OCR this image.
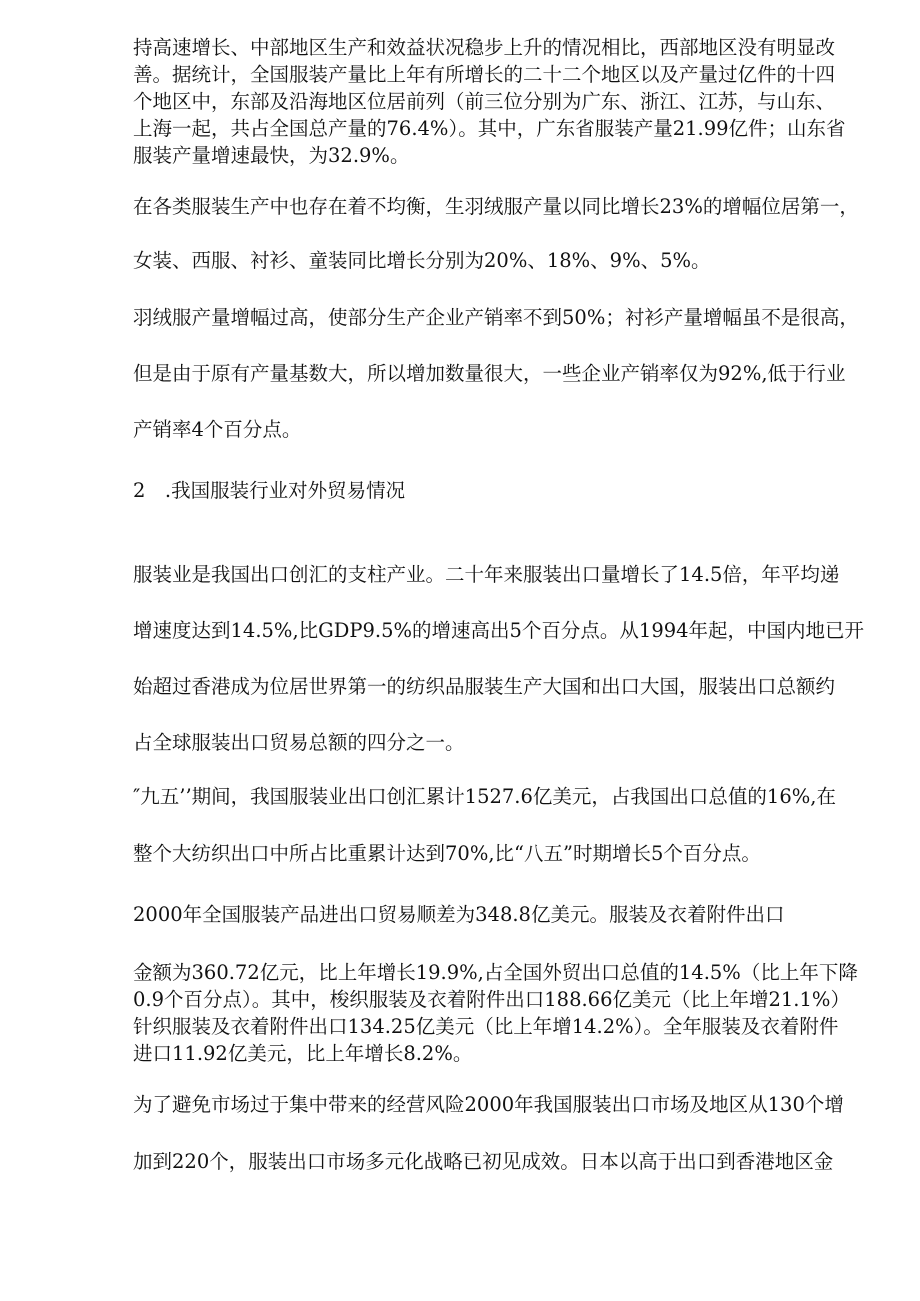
持高速增长、中部地区生产和效益状况稳步上升的情况相比，西部地区没有明显改

善。据统计，全国服装产量比上年有所增长的二十二个地区以及产量过亿件的十四

个地区中，东部及沿海地区位居前列（前三位分别为广东、浙江、江苏，与山东、

上海一起，共占全国总产量的76.4%）。其中，广东省服装产量21.99亿件；山东省

服装产量增速最快，为32.9%。

在各类服装生产中也存在着不均衡，生羽绒服产量以同比增长23%的增幅位居第一，

女装、西服、衬衫、童装同比增长分别为20%、18%、9%、5%。

羽绒服产量增幅过高，使部分生产企业产销率不到50%；衬衫产量增幅虽不是很高，

但是由于原有产量基数大，所以增加数量很大，一些企业产销率仅为92%,低于行业

产销率4个百分点。

2　.我国服装行业对外贸易情况

服装业是我国出口创汇的支柱产业。二十年来服装出口量增长了14.5倍，年平均递

增速度达到14.5%,比GDP9.5%的增速高出5个百分点。从1994年起，中国内地已开

始超过香港成为位居世界第一的纺织品服装生产大国和出口大国，服装出口总额约

占全球服装出口贸易总额的四分之一。

″九五’’期间，我国服装业出口创汇累计1527.6亿美元，占我国出口总值的16%,在

整个大纺织出口中所占比重累计达到70%,比“八五”时期增长5个百分点。

2000年全国服装产品进出口贸易顺差为348.8亿美元。服装及衣着附件出口

金额为360.72亿元，比上年增长19.9%,占全国外贸出口总值的14.5%（比上年下降

0.9个百分点）。其中，梭织服装及衣着附件出口188.66亿美元（比上年增21.1%）

针织服装及衣着附件出口134.25亿美元（比上年增14.2%）。全年服装及衣着附件

进口11.92亿美元，比上年增长8.2%。

为了避免市场过于集中带来的经营风险2000年我国服装出口市场及地区从130个增

加到220个，服装出口市场多元化战略已初见成效。日本以高于出口到香港地区金
